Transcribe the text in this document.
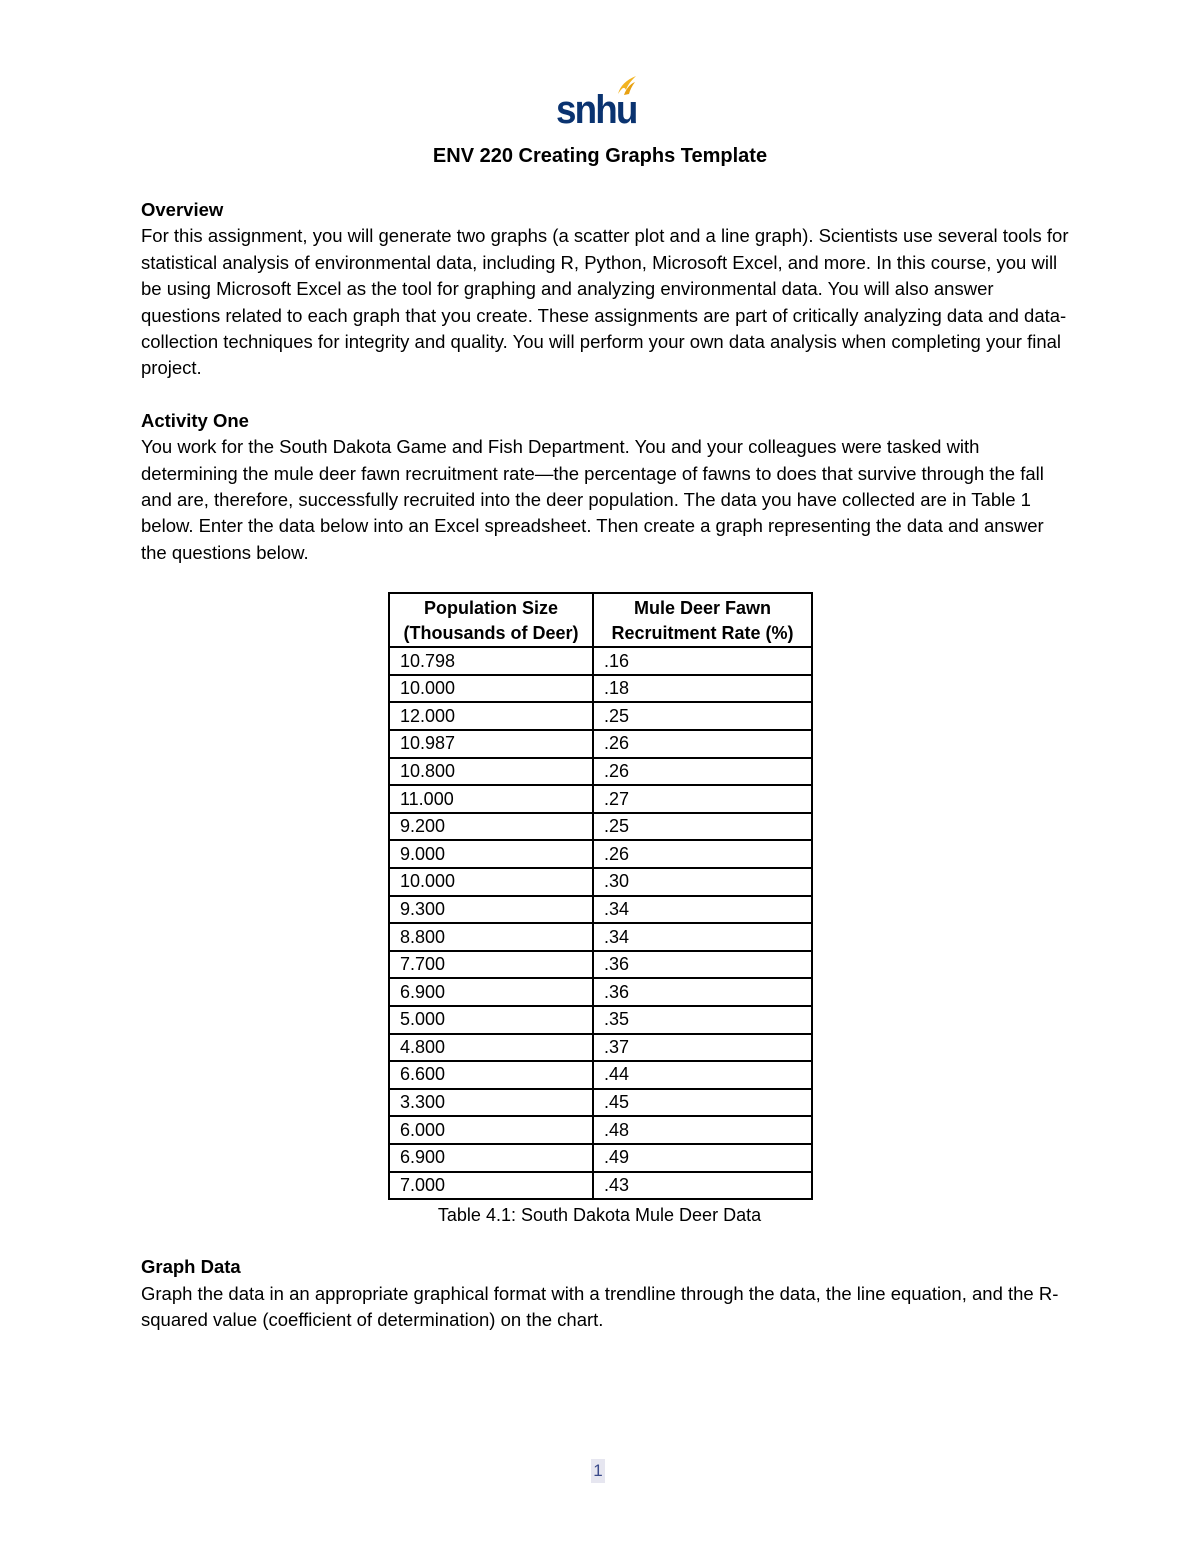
snhu
ENV 220 Creating Graphs Template
Overview
For this assignment, you will generate two graphs (a scatter plot and a line graph). Scientists use several tools for statistical analysis of environmental data, including R, Python, Microsoft Excel, and more. In this course, you will be using Microsoft Excel as the tool for graphing and analyzing environmental data. You will also answer questions related to each graph that you create. These assignments are part of critically analyzing data and data-collection techniques for integrity and quality. You will perform your own data analysis when completing your final project.
Activity One
You work for the South Dakota Game and Fish Department. You and your colleagues were tasked with determining the mule deer fawn recruitment rate—the percentage of fawns to does that survive through the fall and are, therefore, successfully recruited into the deer population. The data you have collected are in Table 1 below. Enter the data below into an Excel spreadsheet. Then create a graph representing the data and answer the questions below.
Population Size (Thousands of Deer)	Mule Deer Fawn Recruitment Rate (%)
10.798	.16
10.000	.18
12.000	.25
10.987	.26
10.800	.26
11.000	.27
9.200	.25
9.000	.26
10.000	.30
9.300	.34
8.800	.34
7.700	.36
6.900	.36
5.000	.35
4.800	.37
6.600	.44
3.300	.45
6.000	.48
6.900	.49
7.000	.43
Table 4.1: South Dakota Mule Deer Data
Graph Data
Graph the data in an appropriate graphical format with a trendline through the data, the line equation, and the R-squared value (coefficient of determination) on the chart.
1
